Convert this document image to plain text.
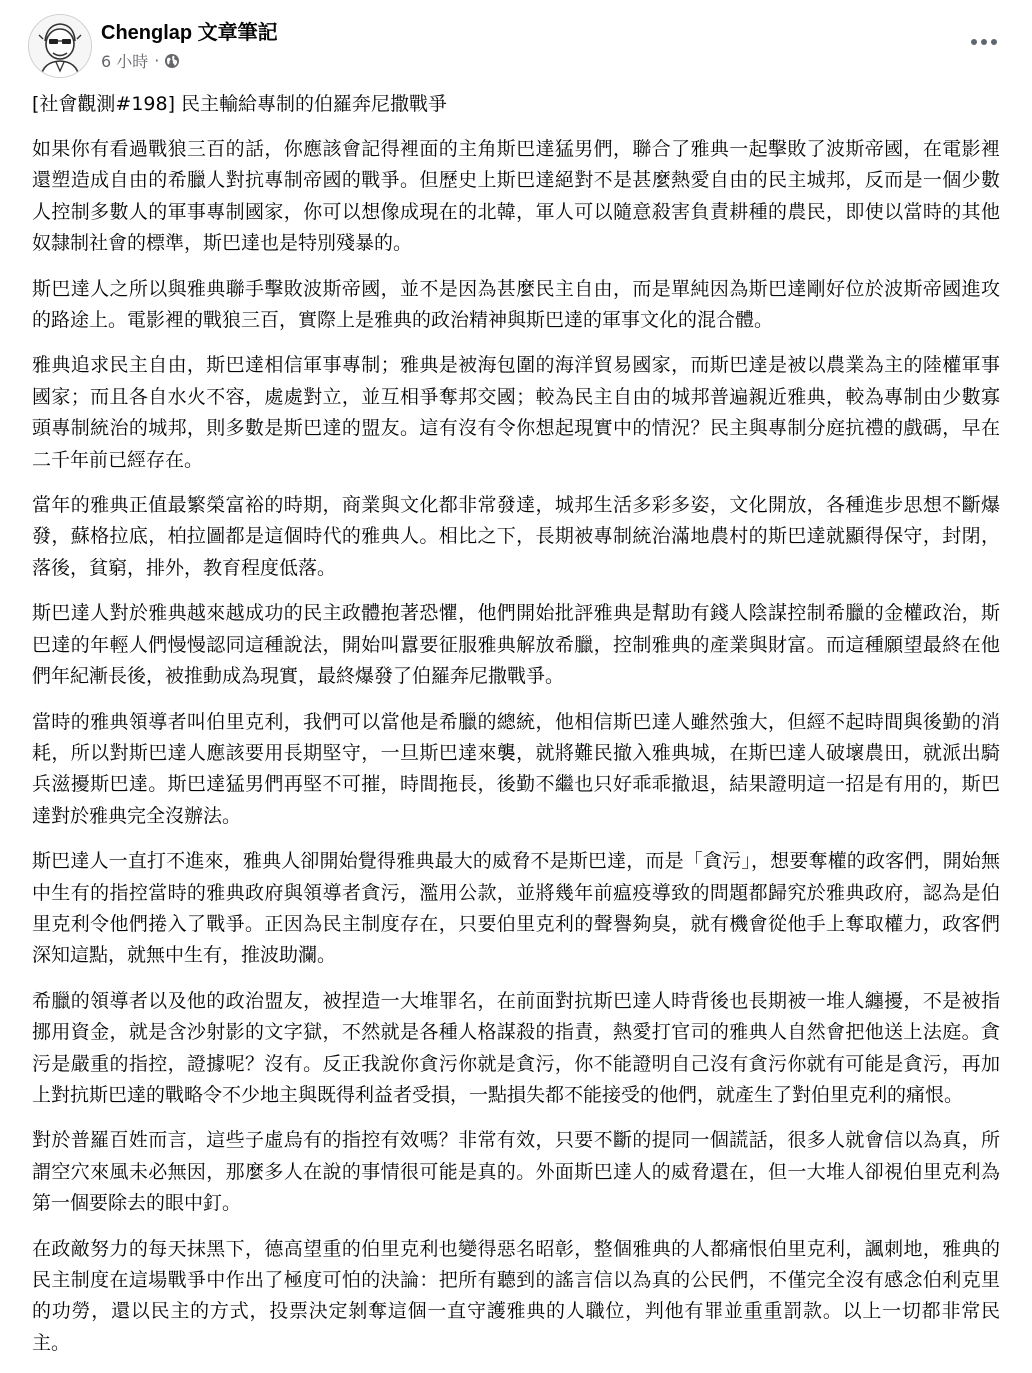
Chenglap 文章筆記
6 小時 ·
[社會觀測#198] 民主輸給專制的伯羅奔尼撒戰爭

如果你有看過戰狼三百的話，你應該會記得裡面的主角斯巴達猛男們，聯合了雅典一起擊敗了波斯帝國，在電影裡還塑造成自由的希臘人對抗專制帝國的戰爭。但歷史上斯巴達絕對不是甚麼熱愛自由的民主城邦，反而是一個少數人控制多數人的軍事專制國家，你可以想像成現在的北韓，軍人可以隨意殺害負責耕種的農民，即使以當時的其他奴隸制社會的標準，斯巴達也是特別殘暴的。

斯巴達人之所以與雅典聯手擊敗波斯帝國，並不是因為甚麼民主自由，而是單純因為斯巴達剛好位於波斯帝國進攻的路途上。電影裡的戰狼三百，實際上是雅典的政治精神與斯巴達的軍事文化的混合體。

雅典追求民主自由，斯巴達相信軍事專制；雅典是被海包圍的海洋貿易國家，而斯巴達是被以農業為主的陸權軍事國家；而且各自水火不容，處處對立，並互相爭奪邦交國；較為民主自由的城邦普遍親近雅典，較為專制由少數寡頭專制統治的城邦，則多數是斯巴達的盟友。這有沒有令你想起現實中的情況？民主與專制分庭抗禮的戲碼，早在二千年前已經存在。

當年的雅典正值最繁榮富裕的時期，商業與文化都非常發達，城邦生活多彩多姿，文化開放，各種進步思想不斷爆發，蘇格拉底，柏拉圖都是這個時代的雅典人。相比之下，長期被專制統治滿地農村的斯巴達就顯得保守，封閉，落後，貧窮，排外，教育程度低落。

斯巴達人對於雅典越來越成功的民主政體抱著恐懼，他們開始批評雅典是幫助有錢人陰謀控制希臘的金權政治，斯巴達的年輕人們慢慢認同這種說法，開始叫囂要征服雅典解放希臘，控制雅典的產業與財富。而這種願望最終在他們年紀漸長後，被推動成為現實，最終爆發了伯羅奔尼撒戰爭。

當時的雅典領導者叫伯里克利，我們可以當他是希臘的總統，他相信斯巴達人雖然強大，但經不起時間與後勤的消耗，所以對斯巴達人應該要用長期堅守，一旦斯巴達來襲，就將難民撤入雅典城，在斯巴達人破壞農田，就派出騎兵滋擾斯巴達。斯巴達猛男們再堅不可摧，時間拖長，後勤不繼也只好乖乖撤退，結果證明這一招是有用的，斯巴達對於雅典完全沒辦法。

斯巴達人一直打不進來，雅典人卻開始覺得雅典最大的威脅不是斯巴達，而是「貪污」，想要奪權的政客們，開始無中生有的指控當時的雅典政府與領導者貪污，濫用公款，並將幾年前瘟疫導致的問題都歸究於雅典政府，認為是伯里克利令他們捲入了戰爭。正因為民主制度存在，只要伯里克利的聲譽夠臭，就有機會從他手上奪取權力，政客們深知這點，就無中生有，推波助瀾。

希臘的領導者以及他的政治盟友，被捏造一大堆罪名，在前面對抗斯巴達人時背後也長期被一堆人纏擾，不是被指挪用資金，就是含沙射影的文字獄，不然就是各種人格謀殺的指責，熱愛打官司的雅典人自然會把他送上法庭。貪污是嚴重的指控，證據呢？沒有。反正我說你貪污你就是貪污，你不能證明自己沒有貪污你就有可能是貪污，再加上對抗斯巴達的戰略令不少地主與既得利益者受損，一點損失都不能接受的他們，就產生了對伯里克利的痛恨。

對於普羅百姓而言，這些子虛烏有的指控有效嗎？非常有效，只要不斷的提同一個謊話，很多人就會信以為真，所謂空穴來風未必無因，那麼多人在說的事情很可能是真的。外面斯巴達人的威脅還在，但一大堆人卻視伯里克利為第一個要除去的眼中釘。

在政敵努力的每天抹黑下，德高望重的伯里克利也變得惡名昭彰，整個雅典的人都痛恨伯里克利，諷刺地，雅典的民主制度在這場戰爭中作出了極度可怕的決論：把所有聽到的謠言信以為真的公民們，不僅完全沒有感念伯利克里的功勞，還以民主的方式，投票決定剝奪這個一直守護雅典的人職位，判他有罪並重重罰款。以上一切都非常民主。
